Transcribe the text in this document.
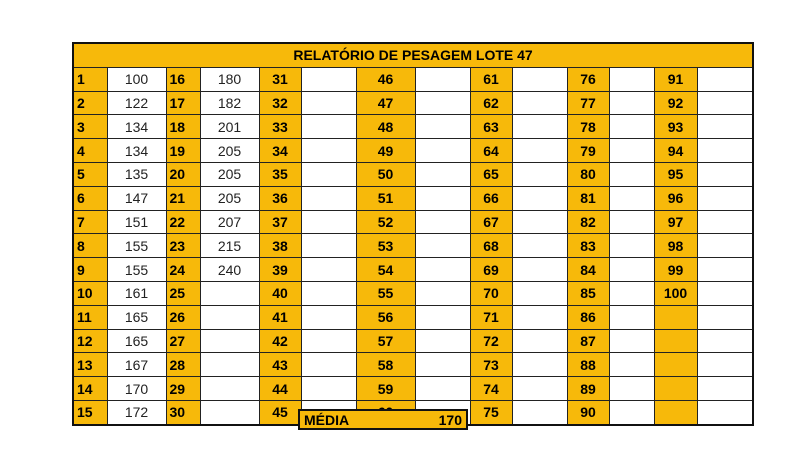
RELATÓRIO DE PESAGEM LOTE 47													
1	100	16	180	31		46		61		76		91	
2	122	17	182	32		47		62		77		92	
3	134	18	201	33		48		63		78		93	
4	134	19	205	34		49		64		79		94	
5	135	20	205	35		50		65		80		95	
6	147	21	205	36		51		66		81		96	
7	151	22	207	37		52		67		82		97	
8	155	23	215	38		53		68		83		98	
9	155	24	240	39		54		69		84		99	
10	161	25		40		55		70		85		100	
11	165	26		41		56		71		86			
12	165	27		42		57		72		87			
13	167	28		43		58		73		88			
14	170	29		44		59		74		89			
15	172	30		45				75		90			
MÉDIA	170
